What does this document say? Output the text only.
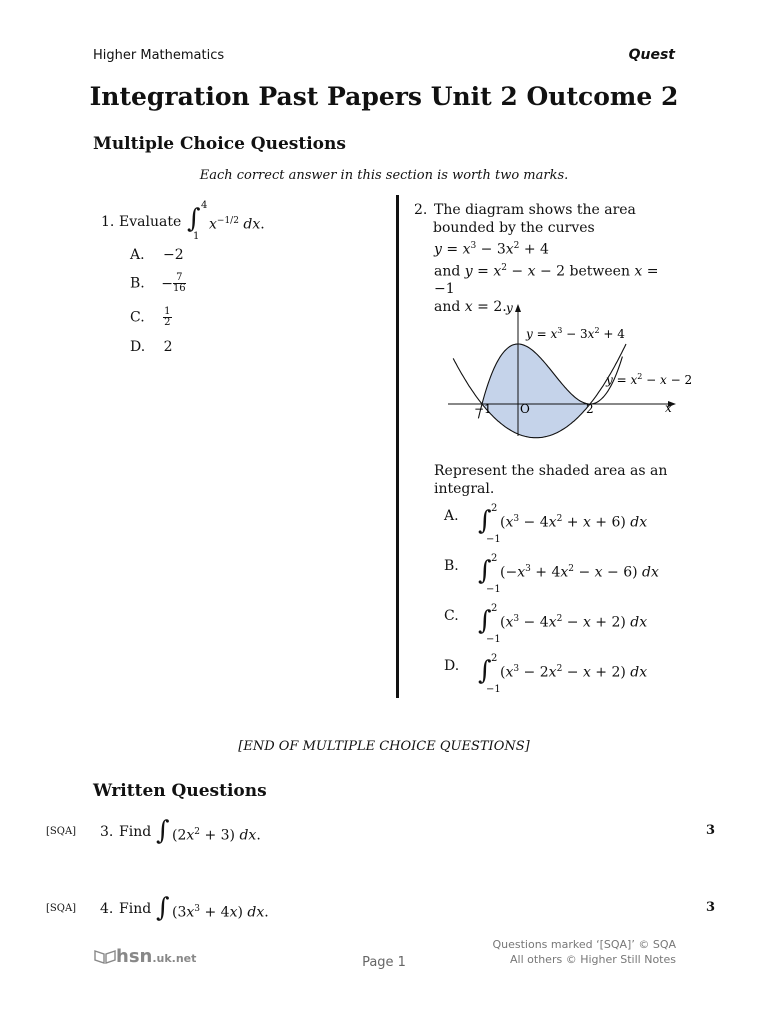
Higher Mathematics	Quest
Integration Past Papers Unit 2 Outcome 2
Multiple Choice Questions
Each correct answer in this section is worth two marks.
1. Evaluate ∫ 4
1
$x^{-1/2}$ dx.
A. −2
B. − $\frac{7}{16}$
C. $\frac{1}{2}$
D. 2
2. The diagram shows the area
bounded by the curves
$y = x^3 - 3x^2 + 4$
and $y = x^2 - x - 2$ between x = −1
and x = 2. y
x
O
−1	2
$y = x^3 - 3x^2 + 4$
$y = x^2 - x - 2$
Represent the shaded area as an
integral.
A. ∫ 2
−1
$(x^3 - 4x^2 + x + 6)$ dx
B. ∫ 2
−1
$(-x^3 + 4x^2 - x - 6)$ dx
C. ∫ 2
−1
$(x^3 - 4x^2 - x + 2)$ dx
D. ∫ 2
−1
$(x^3 - 2x^2 - x + 2)$ dx
[END OF MULTIPLE CHOICE QUESTIONS]
Written Questions
[SQA] 3. Find ∫ $(2x^2 + 3)$ dx.	3
[SQA] 4. Find ∫ $(3x^3 + 4x)$ dx.	3
hsn.uk.net	Page 1
Questions marked ‘[SQA]’ © SQA
All others © Higher Still Notes
